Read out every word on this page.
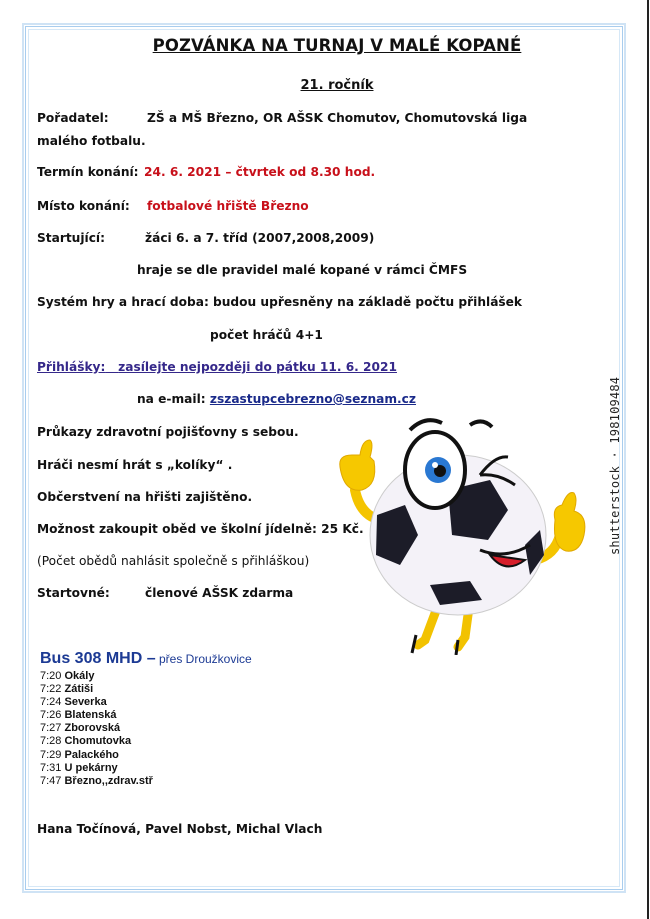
POZVÁNKA NA TURNAJ V MALÉ KOPANÉ
21. ročník
Pořadatel:	ZŠ a MŠ Březno, OR AŠSK Chomutov, Chomutovská liga
malého fotbalu.
Termín konání: 24. 6. 2021 – čtvrtek od 8.30 hod.
Místo konání: fotbalové hřiště Březno
Startující:	žáci 6. a 7. tříd (2007,2008,2009)
hraje se dle pravidel malé kopané v rámci ČMFS
Systém hry a hrací doba: budou upřesněny na základě počtu přihlášek
počet hráčů 4+1
Přihlášky: zasílejte nejpozději do pátku 11. 6. 2021
na e-mail: zszastupcebrezno@seznam.cz
Průkazy zdravotní pojišťovny s sebou.
Hráči nesmí hrát s „kolíky“ .
Občerstvení na hřišti zajištěno.
Možnost zakoupit oběd ve školní jídelně: 25 Kč.
(Počet obědů nahlásit společně s přihláškou)
Startovné:	členové AŠSK zdarma
Bus 308 MHD – přes Droužkovice
7:20 Okály
7:22 Zátiši
7:24 Severka
7:26 Blatenská
7:27 Zborovská
7:28 Chomutovka
7:29 Palackého
7:31 U pekárny
7:47 Březno,,zdrav.stř
Hana Točínová, Pavel Nobst, Michal Vlach
shutterstock · 198109484
